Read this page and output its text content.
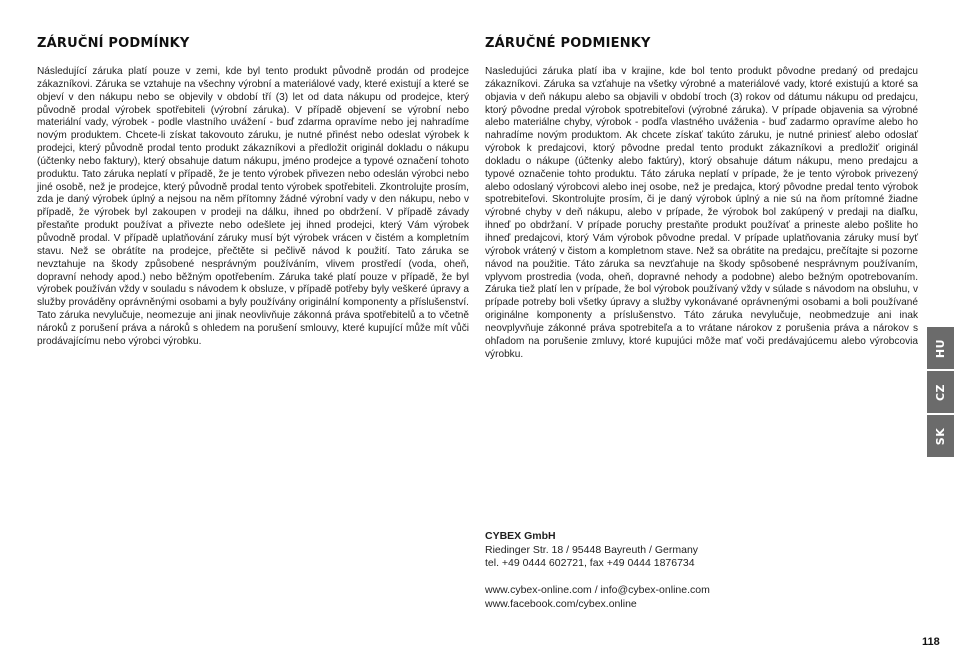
ZÁRUČNÍ PODMÍNKY

Následující záruka platí pouze v zemi, kde byl tento produkt původně prodán od prodejce zákazníkovi. Záruka se vztahuje na všechny výrobní a materiálové vady, které existují a které se objeví v den nákupu nebo se objevily v období tří (3) let od data nákupu od prodejce, který původně prodal výrobek spotřebiteli (výrobní záruka). V případě objevení se výrobní nebo materiální vady, výrobek - podle vlastního uvážení - buď zdarma opravíme nebo jej nahradíme novým produktem. Chcete-li získat takovouto záruku, je nutné přinést nebo odeslat výrobek k prodejci, který původně prodal tento produkt zákazníkovi a předložit originál dokladu o nákupu (účtenky nebo faktury), který obsahuje datum nákupu, jméno prodejce a typové označení tohoto produktu. Tato záruka neplatí v případě, že je tento výrobek přivezen nebo odeslán výrobci nebo jiné osobě, než je prodejce, který původně prodal tento výrobek spotřebiteli. Zkontrolujte prosím, zda je daný výrobek úplný a nejsou na něm přítomny žádné výrobní vady v den nákupu, nebo v případě, že výrobek byl zakoupen v prodeji na dálku, ihned po obdržení. V případě závady přestaňte produkt používat a přivezte nebo odešlete jej ihned prodejci, který Vám výrobek původně prodal. V případě uplatňování záruky musí být výrobek vrácen v čistém a kompletním stavu. Než se obrátíte na prodejce, přečtěte si pečlivě návod k použití. Tato záruka se nevztahuje na škody způsobené nesprávným používáním, vlivem prostředí (voda, oheň, dopravní nehody apod.) nebo běžným opotřebením. Záruka také platí pouze v případě, že byl výrobek používán vždy v souladu s návodem k obsluze, v případě potřeby byly veškeré úpravy a služby prováděny oprávněnými osobami a byly používány originální komponenty a příslušenství. Tato záruka nevylučuje, neomezuje ani jinak neovlivňuje zákonná práva spotřebitelů a to včetně nároků z porušení práva a nároků s ohledem na porušení smlouvy, které kupující může mít vůči prodávajícímu nebo výrobci výrobku.

ZÁRUČNÉ PODMIENKY

Nasledujúci záruka platí iba v krajine, kde bol tento produkt pôvodne predaný od predajcu zákazníkovi. Záruka sa vzťahuje na všetky výrobné a materiálové vady, ktoré existujú a ktoré sa objavia v deň nákupu alebo sa objavili v období troch (3) rokov od dátumu nákupu od predajcu, ktorý pôvodne predal výrobok spotrebiteľovi (výrobné záruka). V prípade objavenia sa výrobné alebo materiálne chyby, výrobok - podľa vlastného uváženia - buď zadarmo opravíme alebo ho nahradíme novým produktom. Ak chcete získať takúto záruku, je nutné priniesť alebo odoslať výrobok k predajcovi, ktorý pôvodne predal tento produkt zákazníkovi a predložiť originál dokladu o nákupe (účtenky alebo faktúry), ktorý obsahuje dátum nákupu, meno predajcu a typové označenie tohto produktu. Táto záruka neplatí v prípade, že je tento výrobok privezený alebo odoslaný výrobcovi alebo inej osobe, než je predajca, ktorý pôvodne predal tento výrobok spotrebiteľovi. Skontrolujte prosím, či je daný výrobok úplný a nie sú na ňom prítomné žiadne výrobné chyby v deň nákupu, alebo v prípade, že výrobok bol zakúpený v predaji na diaľku, ihneď po obdržaní. V prípade poruchy prestaňte produkt používať a prineste alebo pošlite ho ihneď predajcovi, ktorý Vám výrobok pôvodne predal. V prípade uplatňovania záruky musí byť výrobok vrátený v čistom a kompletnom stave. Než sa obrátite na predajcu, prečítajte si pozorne návod na použitie. Táto záruka sa nevzťahuje na škody spôsobené nesprávnym používaním, vplyvom prostredia (voda, oheň, dopravné nehody a podobne) alebo bežným opotrebovaním. Záruka tiež platí len v prípade, že bol výrobok používaný vždy v súlade s návodom na obsluhu, v prípade potreby boli všetky úpravy a služby vykonávané oprávnenými osobami a boli používané originálne komponenty a príslušenstvo. Táto záruka nevylučuje, neobmedzuje ani inak neovplyvňuje zákonné práva spotrebiteľa a to vrátane nárokov z porušenia práva a nárokov s ohľadom na porušenie zmluvy, ktoré kupujúci môže mať voči predávajúcemu alebo výrobcovia výrobku.

CYBEX GmbH
Riedinger Str. 18 / 95448 Bayreuth / Germany
tel. +49 0444 602721, fax +49 0444 1876734
www.cybex-online.com / info@cybex-online.com
www.facebook.com/cybex.online
HU
CZ
SK
118
